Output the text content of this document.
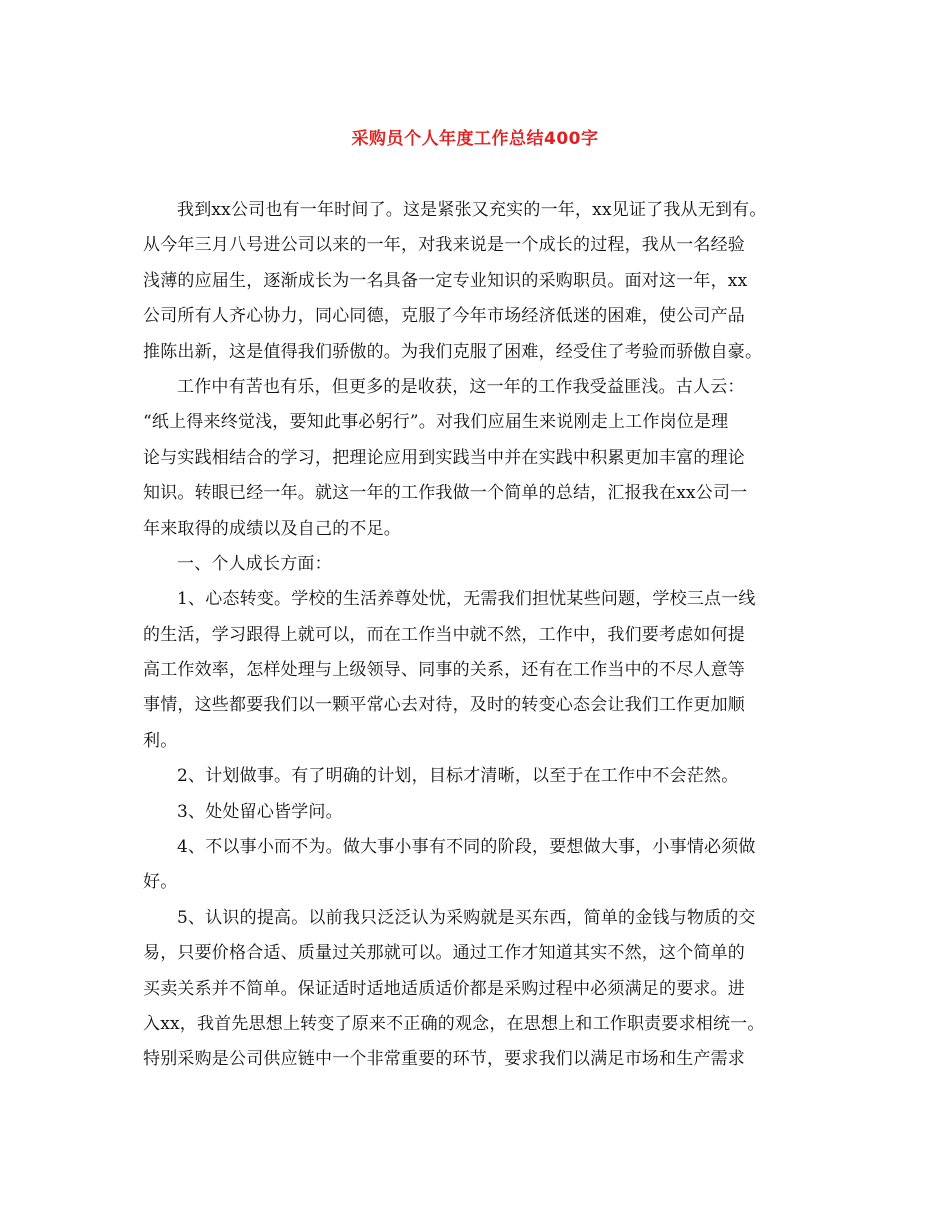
采购员个人年度工作总结400字
我到xx公司也有一年时间了。这是紧张又充实的一年，xx见证了我从无到有。
从今年三月八号进公司以来的一年，对我来说是一个成长的过程，我从一名经验
浅薄的应届生，逐渐成长为一名具备一定专业知识的采购职员。面对这一年，xx
公司所有人齐心协力，同心同德，克服了今年市场经济低迷的困难，使公司产品
推陈出新，这是值得我们骄傲的。为我们克服了困难，经受住了考验而骄傲自豪。
工作中有苦也有乐，但更多的是收获，这一年的工作我受益匪浅。古人云：
“纸上得来终觉浅，要知此事必躬行”。对我们应届生来说刚走上工作岗位是理
论与实践相结合的学习，把理论应用到实践当中并在实践中积累更加丰富的理论
知识。转眼已经一年。就这一年的工作我做一个简单的总结，汇报我在xx公司一
年来取得的成绩以及自己的不足。
一、个人成长方面：
1、心态转变。学校的生活养尊处忧，无需我们担忧某些问题，学校三点一线
的生活，学习跟得上就可以，而在工作当中就不然，工作中，我们要考虑如何提
高工作效率，怎样处理与上级领导、同事的关系，还有在工作当中的不尽人意等
事情，这些都要我们以一颗平常心去对待，及时的转变心态会让我们工作更加顺
利。
2、计划做事。有了明确的计划，目标才清晰，以至于在工作中不会茫然。
3、处处留心皆学问。
4、不以事小而不为。做大事小事有不同的阶段，要想做大事，小事情必须做
好。
5、认识的提高。以前我只泛泛认为采购就是买东西，简单的金钱与物质的交
易，只要价格合适、质量过关那就可以。通过工作才知道其实不然，这个简单的
买卖关系并不简单。保证适时适地适质适价都是采购过程中必须满足的要求。进
入xx，我首先思想上转变了原来不正确的观念，在思想上和工作职责要求相统一。
特别采购是公司供应链中一个非常重要的环节，要求我们以满足市场和生产需求
